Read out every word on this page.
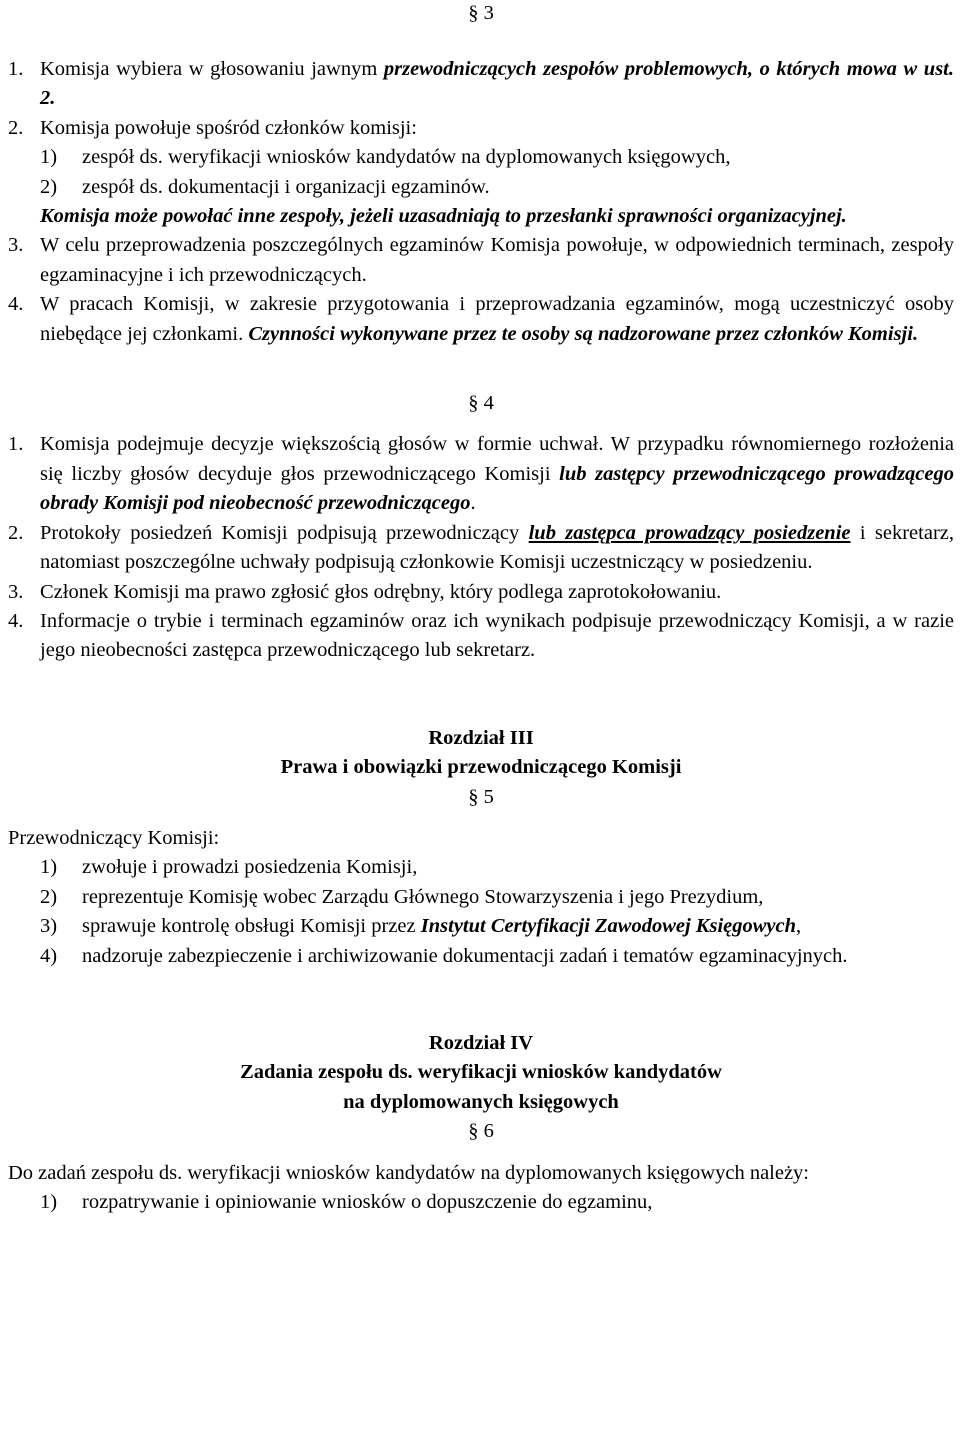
§ 3

1. Komisja wybiera w głosowaniu jawnym przewodniczących zespołów problemowych, o których mowa w ust. 2.
2. Komisja powołuje spośród członków komisji:
1)	zespół ds. weryfikacji wniosków kandydatów na dyplomowanych księgowych,
2)	zespół ds. dokumentacji i organizacji egzaminów.

Komisja może powołać inne zespoły, jeżeli uzasadniają to przesłanki sprawności organizacyjnej.

3. W celu przeprowadzenia poszczególnych egzaminów Komisja powołuje, w odpowiednich terminach, zespoły egzaminacyjne i ich przewodniczących.
4. W pracach Komisji, w zakresie przygotowania i przeprowadzania egzaminów, mogą uczestniczyć osoby niebędące jej członkami. Czynności wykonywane przez te osoby są nadzorowane przez członków Komisji.

§ 4

1. Komisja podejmuje decyzje większością głosów w formie uchwał. W przypadku równomiernego rozłożenia się liczby głosów decyduje głos przewodniczącego Komisji lub zastępcy przewodniczącego prowadzącego obrady Komisji pod nieobecność przewodniczącego.
2. Protokoły posiedzeń Komisji podpisują przewodniczący lub zastępca prowadzący posiedzenie i sekretarz, natomiast poszczególne uchwały podpisują członkowie Komisji uczestniczący w posiedzeniu.
3. Członek Komisji ma prawo zgłosić głos odrębny, który podlega zaprotokołowaniu.
4. Informacje o trybie i terminach egzaminów oraz ich wynikach podpisuje przewodniczący Komisji, a w razie jego nieobecności zastępca przewodniczącego lub sekretarz.

Rozdział III

Prawa i obowiązki przewodniczącego Komisji

§ 5

Przewodniczący Komisji:

1)	zwołuje i prowadzi posiedzenia Komisji,
2)	reprezentuje Komisję wobec Zarządu Głównego Stowarzyszenia i jego Prezydium,
3)	sprawuje kontrolę obsługi Komisji przez Instytut Certyfikacji Zawodowej Księgowych,
4)	nadzoruje zabezpieczenie i archiwizowanie dokumentacji zadań i tematów egzaminacyjnych.

Rozdział IV

Zadania zespołu ds. weryfikacji wniosków kandydatów

na dyplomowanych księgowych

§ 6

Do zadań zespołu ds. weryfikacji wniosków kandydatów na dyplomowanych księgowych należy:

1)	rozpatrywanie i opiniowanie wniosków o dopuszczenie do egzaminu,
